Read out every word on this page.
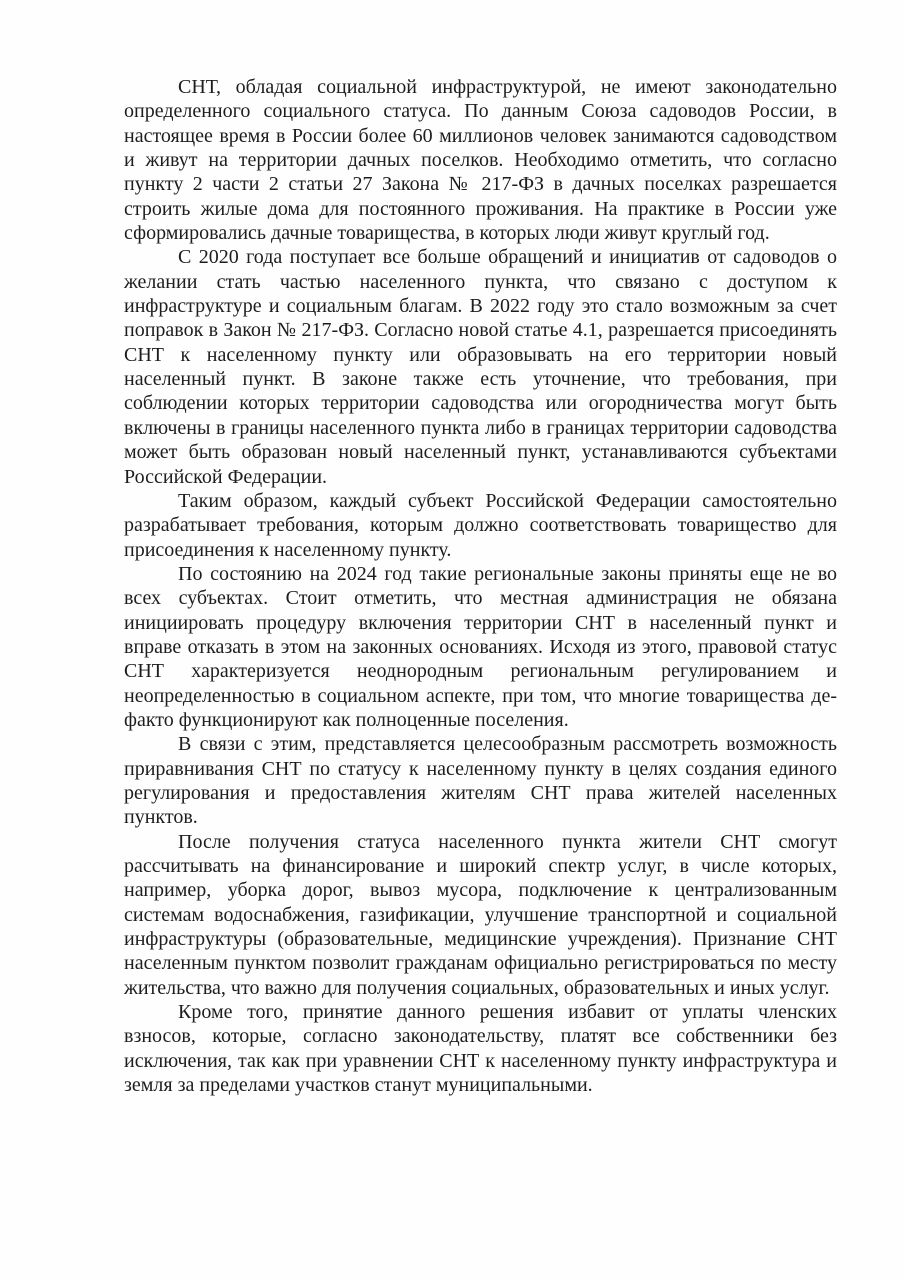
СНТ, обладая социальной инфраструктурой, не имеют законодательно определенного социального статуса. По данным Союза садоводов России, в настоящее время в России более 60 миллионов человек занимаются садоводством и живут на территории дачных поселков. Необходимо отметить, что согласно пункту 2 части 2 статьи 27 Закона № 217-ФЗ в дачных поселках разрешается строить жилые дома для постоянного проживания. На практике в России уже сформировались дачные товарищества, в которых люди живут круглый год.

С 2020 года поступает все больше обращений и инициатив от садоводов о желании стать частью населенного пункта, что связано с доступом к инфраструктуре и социальным благам. В 2022 году это стало возможным за счет поправок в Закон № 217-ФЗ. Согласно новой статье 4.1, разрешается присоединять СНТ к населенному пункту или образовывать на его территории новый населенный пункт. В законе также есть уточнение, что требования, при соблюдении которых территории садоводства или огородничества могут быть включены в границы населенного пункта либо в границах территории садоводства может быть образован новый населенный пункт, устанавливаются субъектами Российской Федерации.

Таким образом, каждый субъект Российской Федерации самостоятельно разрабатывает требования, которым должно соответствовать товарищество для присоединения к населенному пункту.

По состоянию на 2024 год такие региональные законы приняты еще не во всех субъектах. Стоит отметить, что местная администрация не обязана инициировать процедуру включения территории СНТ в населенный пункт и вправе отказать в этом на законных основаниях. Исходя из этого, правовой статус СНТ характеризуется неоднородным региональным регулированием и неопределенностью в социальном аспекте, при том, что многие товарищества де-факто функционируют как полноценные поселения.

В связи с этим, представляется целесообразным рассмотреть возможность приравнивания СНТ по статусу к населенному пункту в целях создания единого регулирования и предоставления жителям СНТ права жителей населенных пунктов.

После получения статуса населенного пункта жители СНТ смогут рассчитывать на финансирование и широкий спектр услуг, в числе которых, например, уборка дорог, вывоз мусора, подключение к централизованным системам водоснабжения, газификации, улучшение транспортной и социальной инфраструктуры (образовательные, медицинские учреждения). Признание СНТ населенным пунктом позволит гражданам официально регистрироваться по месту жительства, что важно для получения социальных, образовательных и иных услуг.

Кроме того, принятие данного решения избавит от уплаты членских взносов, которые, согласно законодательству, платят все собственники без исключения, так как при уравнении СНТ к населенному пункту инфраструктура и земля за пределами участков станут муниципальными.
